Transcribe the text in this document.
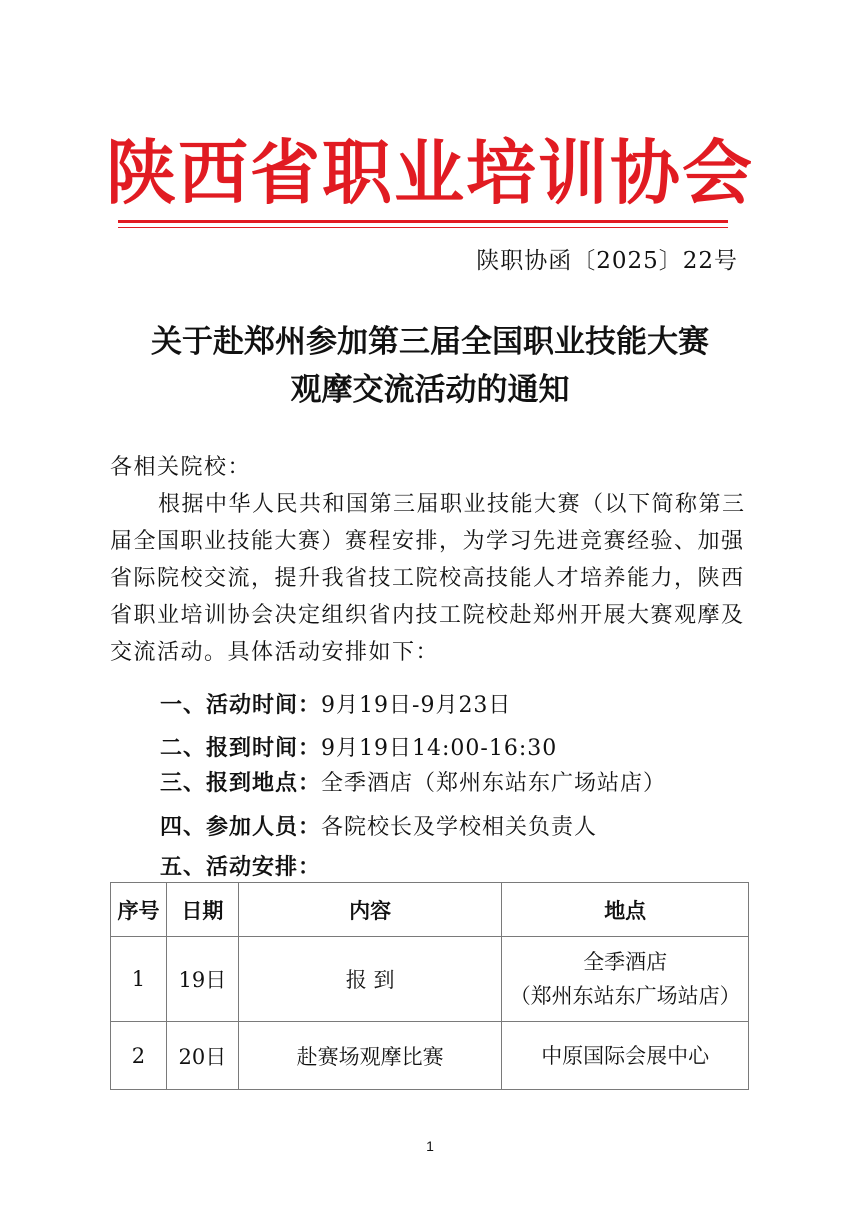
陕西省职业培训协会
陕职协函〔2025〕22号
关于赴郑州参加第三届全国职业技能大赛
观摩交流活动的通知
各相关院校：
根据中华人民共和国第三届职业技能大赛（以下简称第三
届全国职业技能大赛）赛程安排，为学习先进竞赛经验、加强
省际院校交流，提升我省技工院校高技能人才培养能力，陕西
省职业培训协会决定组织省内技工院校赴郑州开展大赛观摩及
交流活动。具体活动安排如下：
一、活动时间：9月19日-9月23日
二、报到时间：9月19日14:00-16:30
三、报到地点：全季酒店（郑州东站东广场站店）
四、参加人员：各院校长及学校相关负责人
五、活动安排：
序号	日期	内容	地点
1	19日	报 到	全季酒店
（郑州东站东广场站店）

2	20日	赴赛场观摩比赛	中原国际会展中心
1
